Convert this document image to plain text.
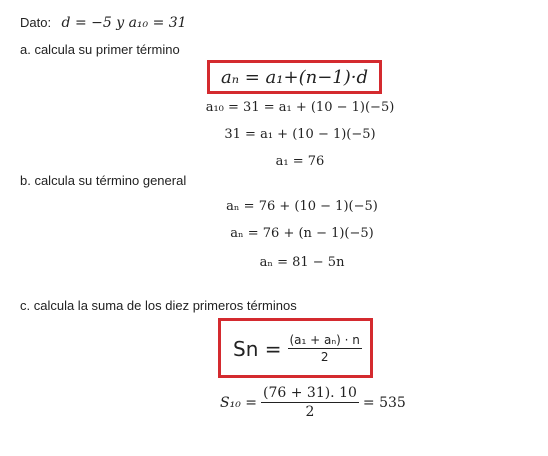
Dato: d = −5 y a₁₀ = 31
a. calcula su primer término
aₙ = a₁+(n−1)·d
a₁₀ = 31 = a₁ + (10 − 1)(−5)
31 = a₁ + (10 − 1)(−5)
a₁ = 76
b. calcula su término general
aₙ = 76 + (10 − 1)(−5)
aₙ = 76 + (n − 1)(−5)
aₙ = 81 − 5n
c. calcula la suma de los diez primeros términos
$Sn = \frac{\text{(a₁ + aₙ) · n}}{2}$
$S_{10} = \frac{(76 + 31). 10}{2} = 535$
